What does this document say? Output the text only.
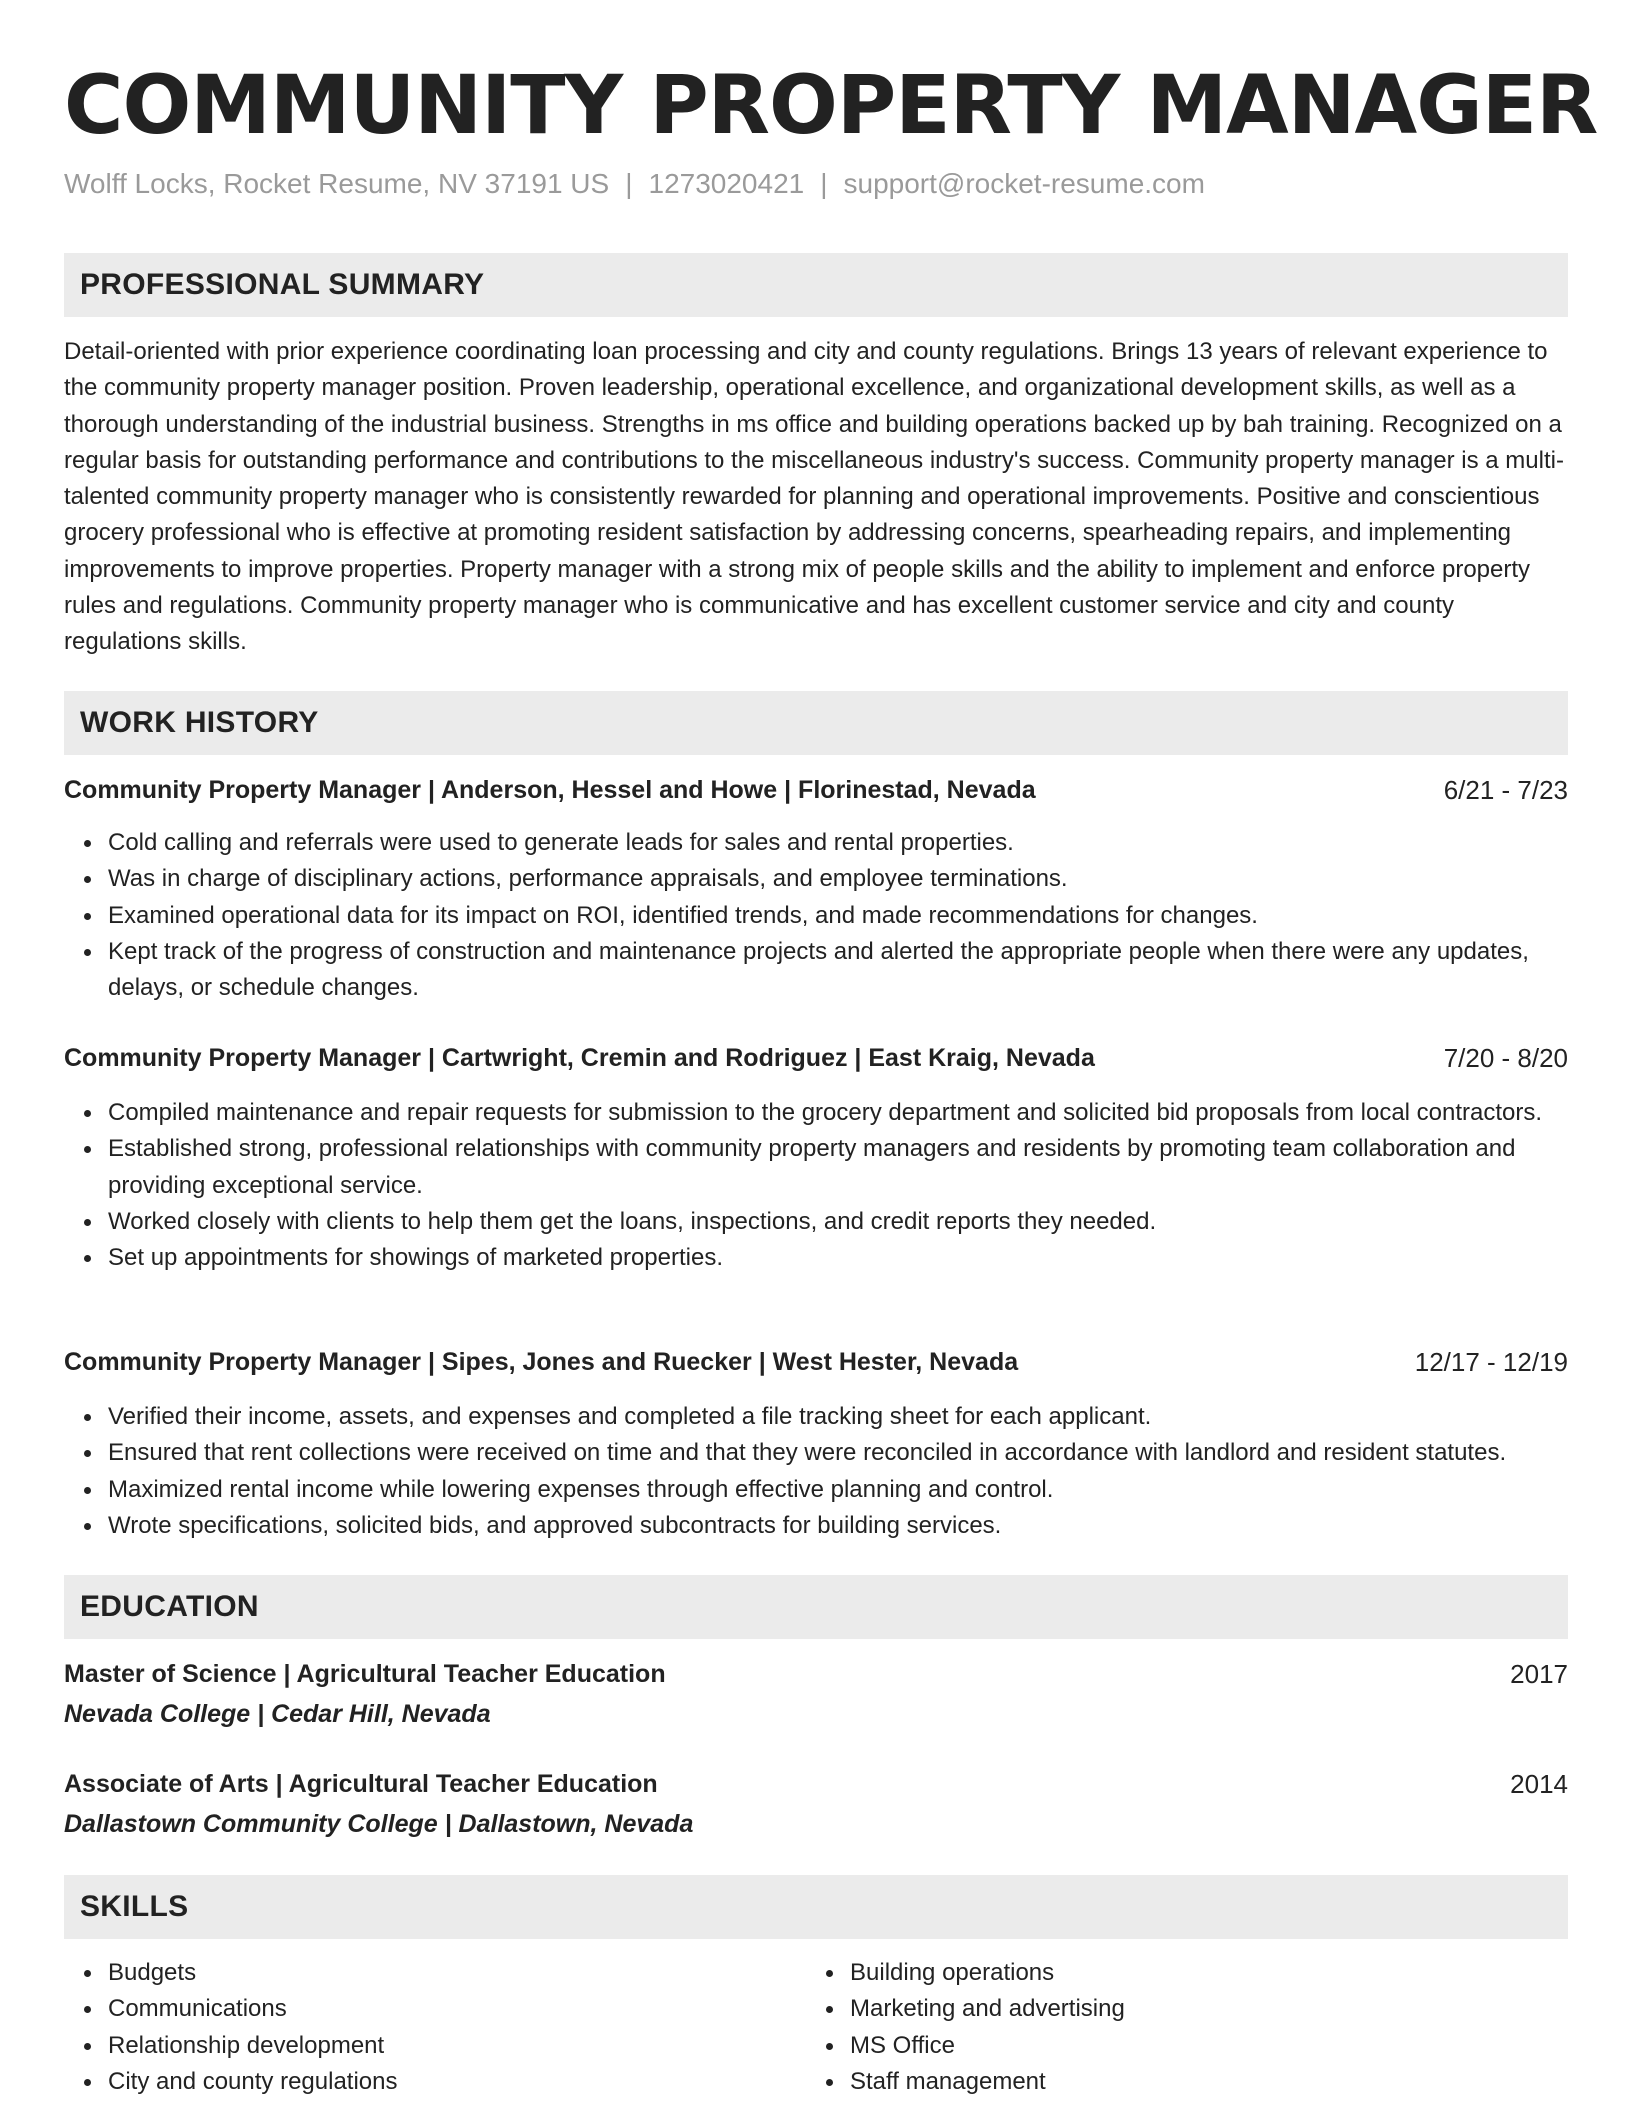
COMMUNITY PROPERTY MANAGER
Wolff Locks, Rocket Resume, NV 37191 US | 1273020421 | support@rocket-resume.com
PROFESSIONAL SUMMARY
Detail-oriented with prior experience coordinating loan processing and city and county regulations. Brings 13 years of relevant experience to the community property manager position. Proven leadership, operational excellence, and organizational development skills, as well as a thorough understanding of the industrial business. Strengths in ms office and building operations backed up by bah training. Recognized on a regular basis for outstanding performance and contributions to the miscellaneous industry's success. Community property manager is a multi-talented community property manager who is consistently rewarded for planning and operational improvements. Positive and conscientious grocery professional who is effective at promoting resident satisfaction by addressing concerns, spearheading repairs, and implementing improvements to improve properties. Property manager with a strong mix of people skills and the ability to implement and enforce property rules and regulations. Community property manager who is communicative and has excellent customer service and city and county regulations skills.
WORK HISTORY
Community Property Manager | Anderson, Hessel and Howe | Florinestad, Nevada	6/21 - 7/23
Cold calling and referrals were used to generate leads for sales and rental properties.
Was in charge of disciplinary actions, performance appraisals, and employee terminations.
Examined operational data for its impact on ROI, identified trends, and made recommendations for changes.
Kept track of the progress of construction and maintenance projects and alerted the appropriate people when there were any updates, delays, or schedule changes.
Community Property Manager | Cartwright, Cremin and Rodriguez | East Kraig, Nevada	7/20 - 8/20
Compiled maintenance and repair requests for submission to the grocery department and solicited bid proposals from local contractors.
Established strong, professional relationships with community property managers and residents by promoting team collaboration and providing exceptional service.
Worked closely with clients to help them get the loans, inspections, and credit reports they needed.
Set up appointments for showings of marketed properties.
Community Property Manager | Sipes, Jones and Ruecker | West Hester, Nevada	12/17 - 12/19
Verified their income, assets, and expenses and completed a file tracking sheet for each applicant.
Ensured that rent collections were received on time and that they were reconciled in accordance with landlord and resident statutes.
Maximized rental income while lowering expenses through effective planning and control.
Wrote specifications, solicited bids, and approved subcontracts for building services.
EDUCATION
Master of Science | Agricultural Teacher Education	2017
Nevada College | Cedar Hill, Nevada
Associate of Arts | Agricultural Teacher Education	2014
Dallastown Community College | Dallastown, Nevada
SKILLS
Budgets
Communications
Relationship development
City and county regulations
Building operations
Marketing and advertising
MS Office
Staff management
